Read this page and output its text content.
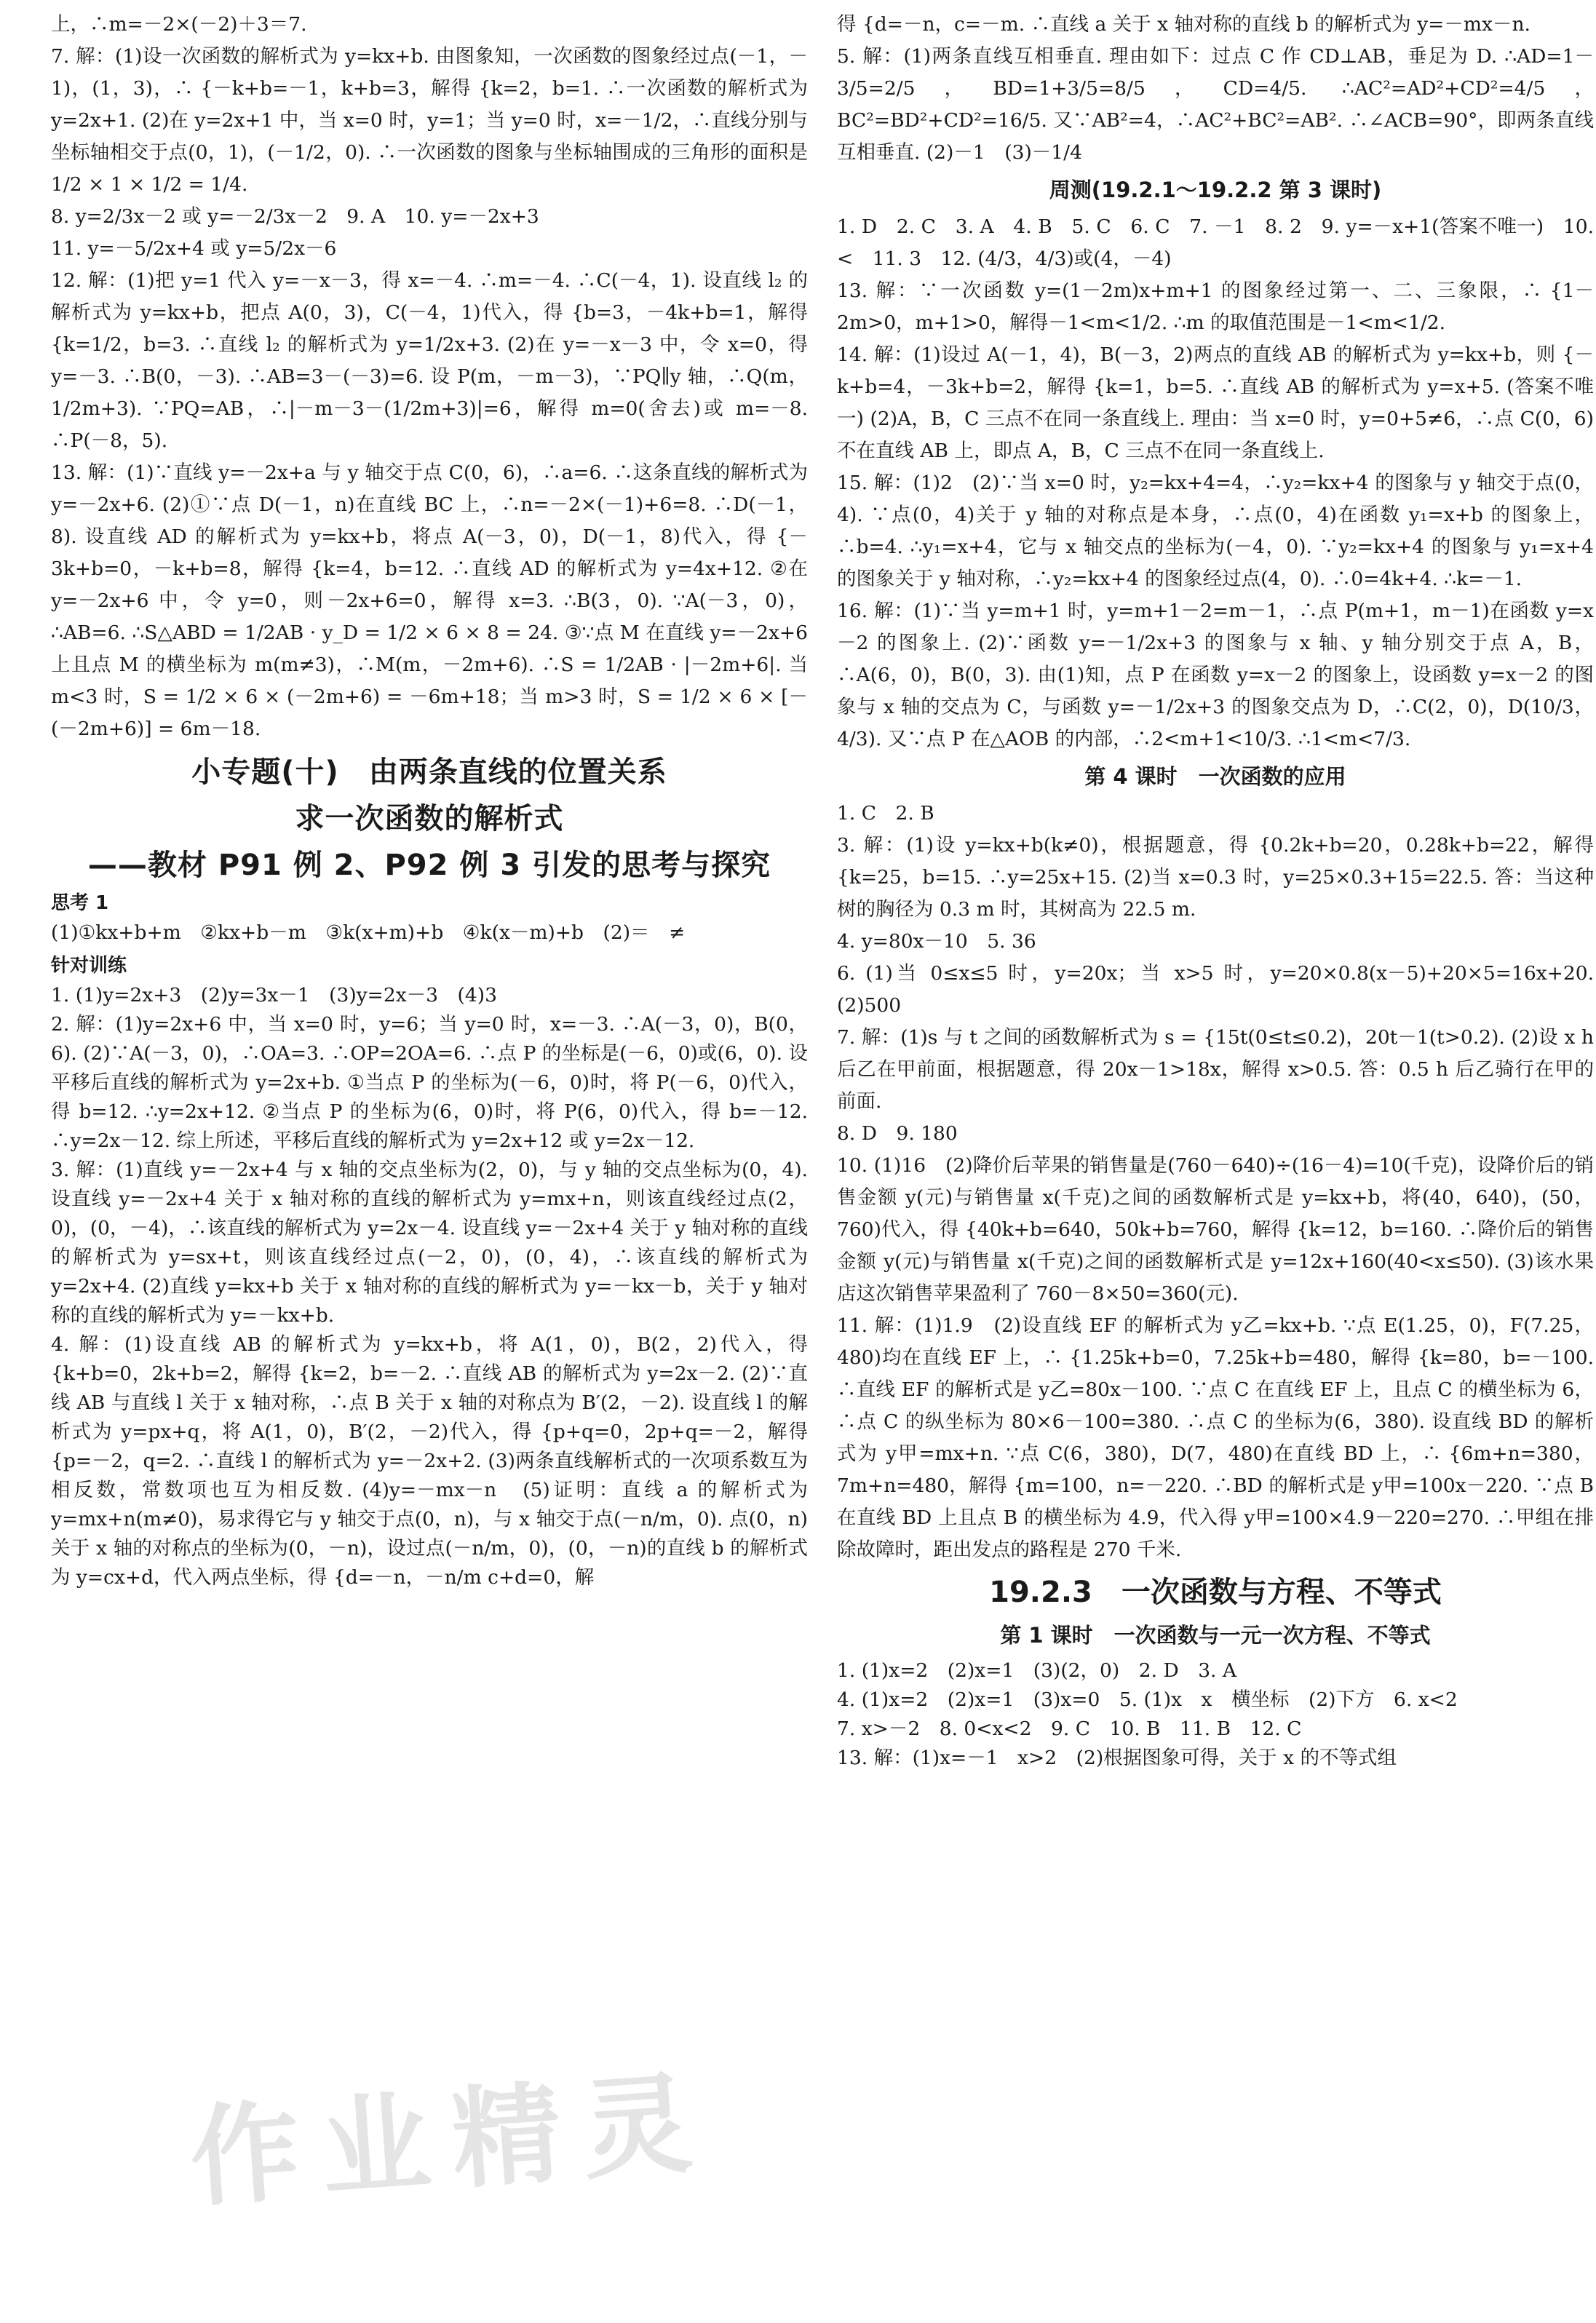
上，∴m=－2×(－2)＋3＝7.
7. 解：(1)设一次函数的解析式为 y=kx+b. 由图象知，一次函数的图象经过点(－1，－1)，(1，3)，∴ {－k+b=－1，k+b=3，解得 {k=2，b=1. ∴一次函数的解析式为 y=2x+1. (2)在 y=2x+1 中，当 x=0 时，y=1；当 y=0 时，x=－1/2，∴直线分别与坐标轴相交于点(0，1)，(－1/2，0). ∴一次函数的图象与坐标轴围成的三角形的面积是 1/2 × 1 × 1/2 = 1/4.
8. y=2/3x－2 或 y=－2/3x－2　9. A　10. y=－2x+3
11. y=－5/2x+4 或 y=5/2x－6
12. 解：(1)把 y=1 代入 y=－x－3，得 x=－4. ∴m=－4. ∴C(－4，1). 设直线 l₂ 的解析式为 y=kx+b，把点 A(0，3)，C(－4，1)代入，得 {b=3，－4k+b=1，解得 {k=1/2，b=3. ∴直线 l₂ 的解析式为 y=1/2x+3. (2)在 y=－x－3 中，令 x=0，得 y=－3. ∴B(0，－3). ∴AB=3－(－3)=6. 设 P(m，－m－3)，∵PQ∥y 轴，∴Q(m，1/2m+3). ∵PQ=AB，∴|－m－3－(1/2m+3)|=6，解得 m=0(舍去)或 m=－8. ∴P(－8，5).
13. 解：(1)∵直线 y=－2x+a 与 y 轴交于点 C(0，6)，∴a=6. ∴这条直线的解析式为 y=－2x+6. (2)①∵点 D(－1，n)在直线 BC 上，∴n=－2×(－1)+6=8. ∴D(－1，8). 设直线 AD 的解析式为 y=kx+b，将点 A(－3，0)，D(－1，8)代入，得 {－3k+b=0，－k+b=8，解得 {k=4，b=12. ∴直线 AD 的解析式为 y=4x+12. ②在 y=－2x+6 中，令 y=0，则－2x+6=0，解得 x=3. ∴B(3，0). ∵A(－3，0)，∴AB=6. ∴S△ABD = 1/2AB · y_D = 1/2 × 6 × 8 = 24. ③∵点 M 在直线 y=－2x+6 上且点 M 的横坐标为 m(m≠3)，∴M(m，－2m+6). ∴S = 1/2AB · |－2m+6|. 当 m<3 时，S = 1/2 × 6 × (－2m+6) = －6m+18；当 m>3 时，S = 1/2 × 6 × [－(－2m+6)] = 6m－18.
小专题(十)　由两条直线的位置关系
求一次函数的解析式
——教材 P91 例 2、P92 例 3 引发的思考与探究
思考 1
(1)①kx+b+m　②kx+b－m　③k(x+m)+b　④k(x－m)+b　(2)＝　≠
针对训练
1. (1)y=2x+3　(2)y=3x－1　(3)y=2x－3　(4)3
2. 解：(1)y=2x+6 中，当 x=0 时，y=6；当 y=0 时，x=－3. ∴A(－3，0)，B(0，6). (2)∵A(－3，0)，∴OA=3. ∴OP=2OA=6. ∴点 P 的坐标是(－6，0)或(6，0). 设平移后直线的解析式为 y=2x+b. ①当点 P 的坐标为(－6，0)时，将 P(－6，0)代入，得 b=12. ∴y=2x+12. ②当点 P 的坐标为(6，0)时，将 P(6，0)代入，得 b=－12. ∴y=2x－12. 综上所述，平移后直线的解析式为 y=2x+12 或 y=2x－12.
3. 解：(1)直线 y=－2x+4 与 x 轴的交点坐标为(2，0)，与 y 轴的交点坐标为(0，4). 设直线 y=－2x+4 关于 x 轴对称的直线的解析式为 y=mx+n，则该直线经过点(2，0)，(0，－4)，∴该直线的解析式为 y=2x－4. 设直线 y=－2x+4 关于 y 轴对称的直线的解析式为 y=sx+t，则该直线经过点(－2，0)，(0，4)，∴该直线的解析式为 y=2x+4. (2)直线 y=kx+b 关于 x 轴对称的直线的解析式为 y=－kx－b，关于 y 轴对称的直线的解析式为 y=－kx+b.
4. 解：(1)设直线 AB 的解析式为 y=kx+b，将 A(1，0)，B(2，2)代入，得 {k+b=0，2k+b=2，解得 {k=2，b=－2. ∴直线 AB 的解析式为 y=2x－2. (2)∵直线 AB 与直线 l 关于 x 轴对称，∴点 B 关于 x 轴的对称点为 B′(2，－2). 设直线 l 的解析式为 y=px+q，将 A(1，0)，B′(2，－2)代入，得 {p+q=0，2p+q=－2，解得 {p=－2，q=2. ∴直线 l 的解析式为 y=－2x+2. (3)两条直线解析式的一次项系数互为相反数，常数项也互为相反数. (4)y=－mx－n　(5)证明：直线 a 的解析式为 y=mx+n(m≠0)，易求得它与 y 轴交于点(0，n)，与 x 轴交于点(－n/m，0). 点(0，n)关于 x 轴的对称点的坐标为(0，－n)，设过点(－n/m，0)，(0，－n)的直线 b 的解析式为 y=cx+d，代入两点坐标，得 {d=－n，－n/m c+d=0，解
得 {d=－n，c=－m. ∴直线 a 关于 x 轴对称的直线 b 的解析式为 y=－mx－n.
5. 解：(1)两条直线互相垂直. 理由如下：过点 C 作 CD⊥AB，垂足为 D. ∴AD=1－3/5=2/5，BD=1+3/5=8/5，CD=4/5. ∴AC²=AD²+CD²=4/5，BC²=BD²+CD²=16/5. 又∵AB²=4，∴AC²+BC²=AB². ∴∠ACB=90°，即两条直线互相垂直. (2)－1　(3)－1/4
周测(19.2.1～19.2.2 第 3 课时)
1. D　2. C　3. A　4. B　5. C　6. C　7. －1　8. 2　9. y=－x+1(答案不唯一)　10. <　11. 3　12. (4/3，4/3)或(4，－4)
13. 解：∵一次函数 y=(1－2m)x+m+1 的图象经过第一、二、三象限，∴ {1－2m>0，m+1>0，解得－1<m<1/2. ∴m 的取值范围是－1<m<1/2.
14. 解：(1)设过 A(－1，4)，B(－3，2)两点的直线 AB 的解析式为 y=kx+b，则 {－k+b=4，－3k+b=2，解得 {k=1，b=5. ∴直线 AB 的解析式为 y=x+5. (答案不唯一) (2)A，B，C 三点不在同一条直线上. 理由：当 x=0 时，y=0+5≠6，∴点 C(0，6)不在直线 AB 上，即点 A，B，C 三点不在同一条直线上.
15. 解：(1)2　(2)∵当 x=0 时，y₂=kx+4=4，∴y₂=kx+4 的图象与 y 轴交于点(0，4). ∵点(0，4)关于 y 轴的对称点是本身，∴点(0，4)在函数 y₁=x+b 的图象上，∴b=4. ∴y₁=x+4，它与 x 轴交点的坐标为(－4，0). ∵y₂=kx+4 的图象与 y₁=x+4 的图象关于 y 轴对称，∴y₂=kx+4 的图象经过点(4，0). ∴0=4k+4. ∴k=－1.
16. 解：(1)∵当 y=m+1 时，y=m+1－2=m－1，∴点 P(m+1，m－1)在函数 y=x－2 的图象上. (2)∵函数 y=－1/2x+3 的图象与 x 轴、y 轴分别交于点 A，B，∴A(6，0)，B(0，3). 由(1)知，点 P 在函数 y=x－2 的图象上，设函数 y=x－2 的图象与 x 轴的交点为 C，与函数 y=－1/2x+3 的图象交点为 D，∴C(2，0)，D(10/3，4/3). 又∵点 P 在△AOB 的内部，∴2<m+1<10/3. ∴1<m<7/3.
第 4 课时　一次函数的应用
1. C　2. B
3. 解：(1)设 y=kx+b(k≠0)，根据题意，得 {0.2k+b=20，0.28k+b=22，解得 {k=25，b=15. ∴y=25x+15. (2)当 x=0.3 时，y=25×0.3+15=22.5. 答：当这种树的胸径为 0.3 m 时，其树高为 22.5 m.
4. y=80x－10　5. 36
6. (1)当 0≤x≤5 时，y=20x；当 x>5 时，y=20×0.8(x－5)+20×5=16x+20. (2)500
7. 解：(1)s 与 t 之间的函数解析式为 s = {15t(0≤t≤0.2)，20t－1(t>0.2). (2)设 x h 后乙在甲前面，根据题意，得 20x－1>18x，解得 x>0.5. 答：0.5 h 后乙骑行在甲的前面.
8. D　9. 180
10. (1)16　(2)降价后苹果的销售量是(760－640)÷(16－4)=10(千克)，设降价后的销售金额 y(元)与销售量 x(千克)之间的函数解析式是 y=kx+b，将(40，640)，(50，760)代入，得 {40k+b=640，50k+b=760，解得 {k=12，b=160. ∴降价后的销售金额 y(元)与销售量 x(千克)之间的函数解析式是 y=12x+160(40<x≤50). (3)该水果店这次销售苹果盈利了 760－8×50=360(元).
11. 解：(1)1.9　(2)设直线 EF 的解析式为 y乙=kx+b. ∵点 E(1.25，0)，F(7.25，480)均在直线 EF 上，∴ {1.25k+b=0，7.25k+b=480，解得 {k=80，b=－100. ∴直线 EF 的解析式是 y乙=80x－100. ∵点 C 在直线 EF 上，且点 C 的横坐标为 6，∴点 C 的纵坐标为 80×6－100=380. ∴点 C 的坐标为(6，380). 设直线 BD 的解析式为 y甲=mx+n. ∵点 C(6，380)，D(7，480)在直线 BD 上，∴ {6m+n=380，7m+n=480，解得 {m=100，n=－220. ∴BD 的解析式是 y甲=100x－220. ∵点 B 在直线 BD 上且点 B 的横坐标为 4.9，代入得 y甲=100×4.9－220=270. ∴甲组在排除故障时，距出发点的路程是 270 千米.
19.2.3　一次函数与方程、不等式
第 1 课时　一次函数与一元一次方程、不等式
1. (1)x=2　(2)x=1　(3)(2，0)　2. D　3. A
4. (1)x=2　(2)x=1　(3)x=0　5. (1)x　x　横坐标　(2)下方　6. x<2
7. x>－2　8. 0<x<2　9. C　10. B　11. B　12. C
13. 解：(1)x=－1　x>2　(2)根据图象可得，关于 x 的不等式组
作业精灵
